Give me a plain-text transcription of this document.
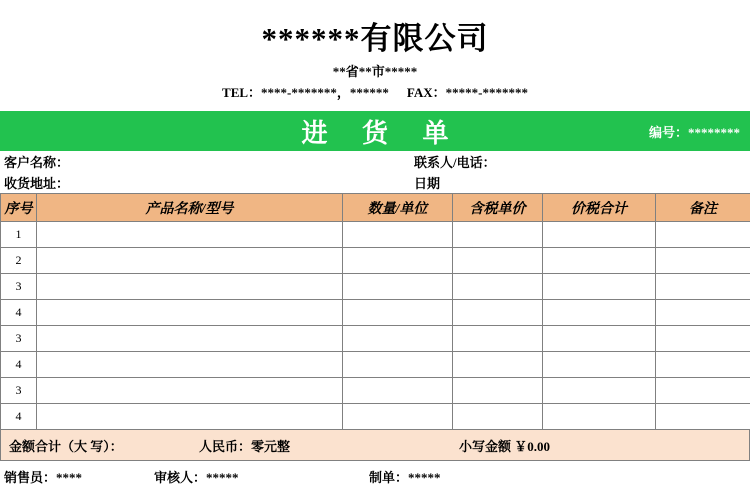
******有限公司
**省**市*****
TEL：****-*******，****** FAX：*****-*******
进 货 单	编号：********
客户名称：	联系人/电话：
收货地址：	日期
序号	产品名称/型号	数量/单位	含税单价	价税合计	备注
1					
2					
3					
4					
3					
4					
3					
4					
金额合计（大 写）：	人民币：零元整	小写金额 ￥0.00
销售员：****	审核人：*****	制单：*****
